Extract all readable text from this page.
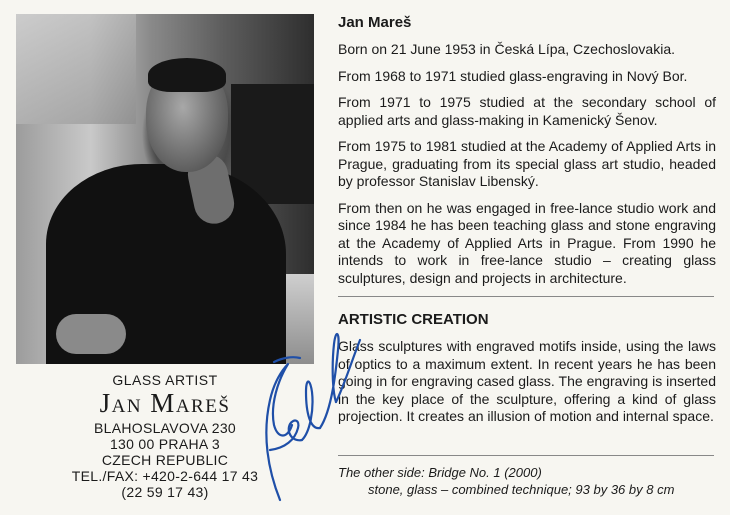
GLASS ARTIST
Jan Mareš
BLAHOSLAVOVA 230
130 00 PRAHA 3
CZECH REPUBLIC
TEL./FAX: +420-2-644 17 43
(22 59 17 43)
Jan Mareš

Born on 21 June 1953 in Česká Lípa, Czechoslovakia.

From 1968 to 1971 studied glass-engraving in Nový Bor.

From 1971 to 1975 studied at the secondary school of applied arts and glass-making in Kamenický Šenov.

From 1975 to 1981 studied at the Academy of Applied Arts in Prague, graduating from its special glass art studio, headed by professor Stanislav Libenský.

From then on he was engaged in free-lance studio work and since 1984 he has been teaching glass and stone engraving at the Academy of Applied Arts in Prague. From 1990 he intends to work in free-lance studio – creating glass sculptures, design and projects in architecture.

ARTISTIC CREATION

Glass sculptures with engraved motifs inside, using the laws of optics to a maximum extent. In recent years he has been going in for engraving cased glass. The engraving is inserted in the key place of the sculpture, offering a kind of glass projection. It creates an illusion of motion and internal space.

The other side: Bridge No. 1 (2000)
stone, glass – combined technique; 93 by 36 by 8 cm
